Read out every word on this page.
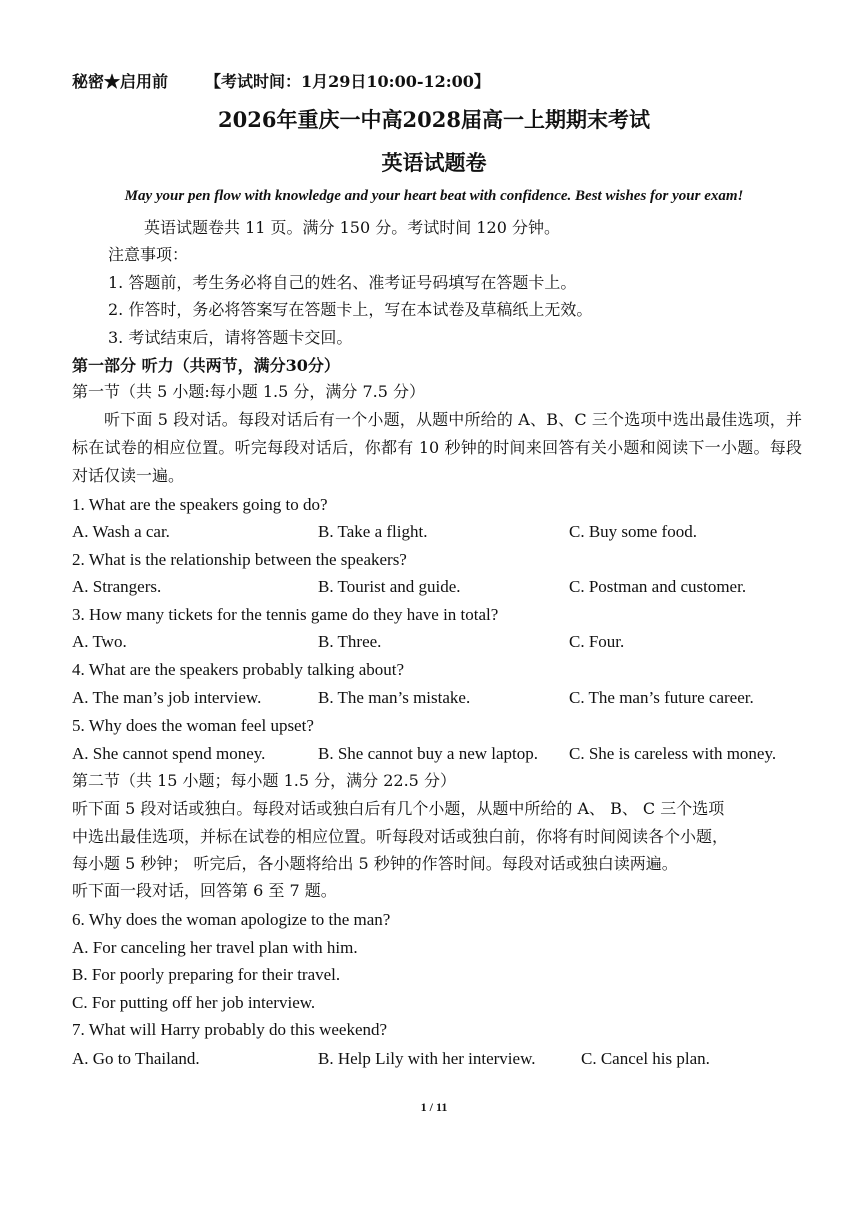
秘密★启用前 【考试时间：1月29日10:00-12:00】
2026年重庆一中高2028届高一上期期末考试
英语试题卷
May your pen flow with knowledge and your heart beat with confidence. Best wishes for your exam!
英语试题卷共 11 页。满分 150 分。考试时间 120 分钟。
注意事项：
1. 答题前，考生务必将自己的姓名、准考证号码填写在答题卡上。
2. 作答时，务必将答案写在答题卡上，写在本试卷及草稿纸上无效。
3. 考试结束后，请将答题卡交回。
第一部分 听力（共两节，满分30分）
第一节（共 5 小题:每小题 1.5 分，满分 7.5 分）
听下面 5 段对话。每段对话后有一个小题，从题中所给的 A、B、C 三个选项中选出最佳选项，并标在试卷的相应位置。听完每段对话后，你都有 10 秒钟的时间来回答有关小题和阅读下一小题。每段对话仅读一遍。
1. What are the speakers going to do?
A. Wash a car.	B. Take a flight.	C. Buy some food.
2. What is the relationship between the speakers?
A. Strangers.	B. Tourist and guide.	C. Postman and customer.
3. How many tickets for the tennis game do they have in total?
A. Two.	B. Three.	C. Four.
4. What are the speakers probably talking about?
A. The man’s job interview.	B. The man’s mistake.	C. The man’s future career.
5. Why does the woman feel upset?
A. She cannot spend money.	B. She cannot buy a new laptop. C. She is careless with money.
第二节（共 15 小题；每小题 1.5 分，满分 22.5 分）
听下面 5 段对话或独白。每段对话或独白后有几个小题，从题中所给的 A、 B、 C 三个选项
中选出最佳选项，并标在试卷的相应位置。听每段对话或独白前，你将有时间阅读各个小题，
每小题 5 秒钟； 听完后，各小题将给出 5 秒钟的作答时间。每段对话或独白读两遍。
听下面一段对话，回答第 6 至 7 题。
6. Why does the woman apologize to the man?
A. For canceling her travel plan with him.
B. For poorly preparing for their travel.
C. For putting off her job interview.
7. What will Harry probably do this weekend?
A. Go to Thailand.	B. Help Lily with her interview.	C. Cancel his plan.
1 / 11
